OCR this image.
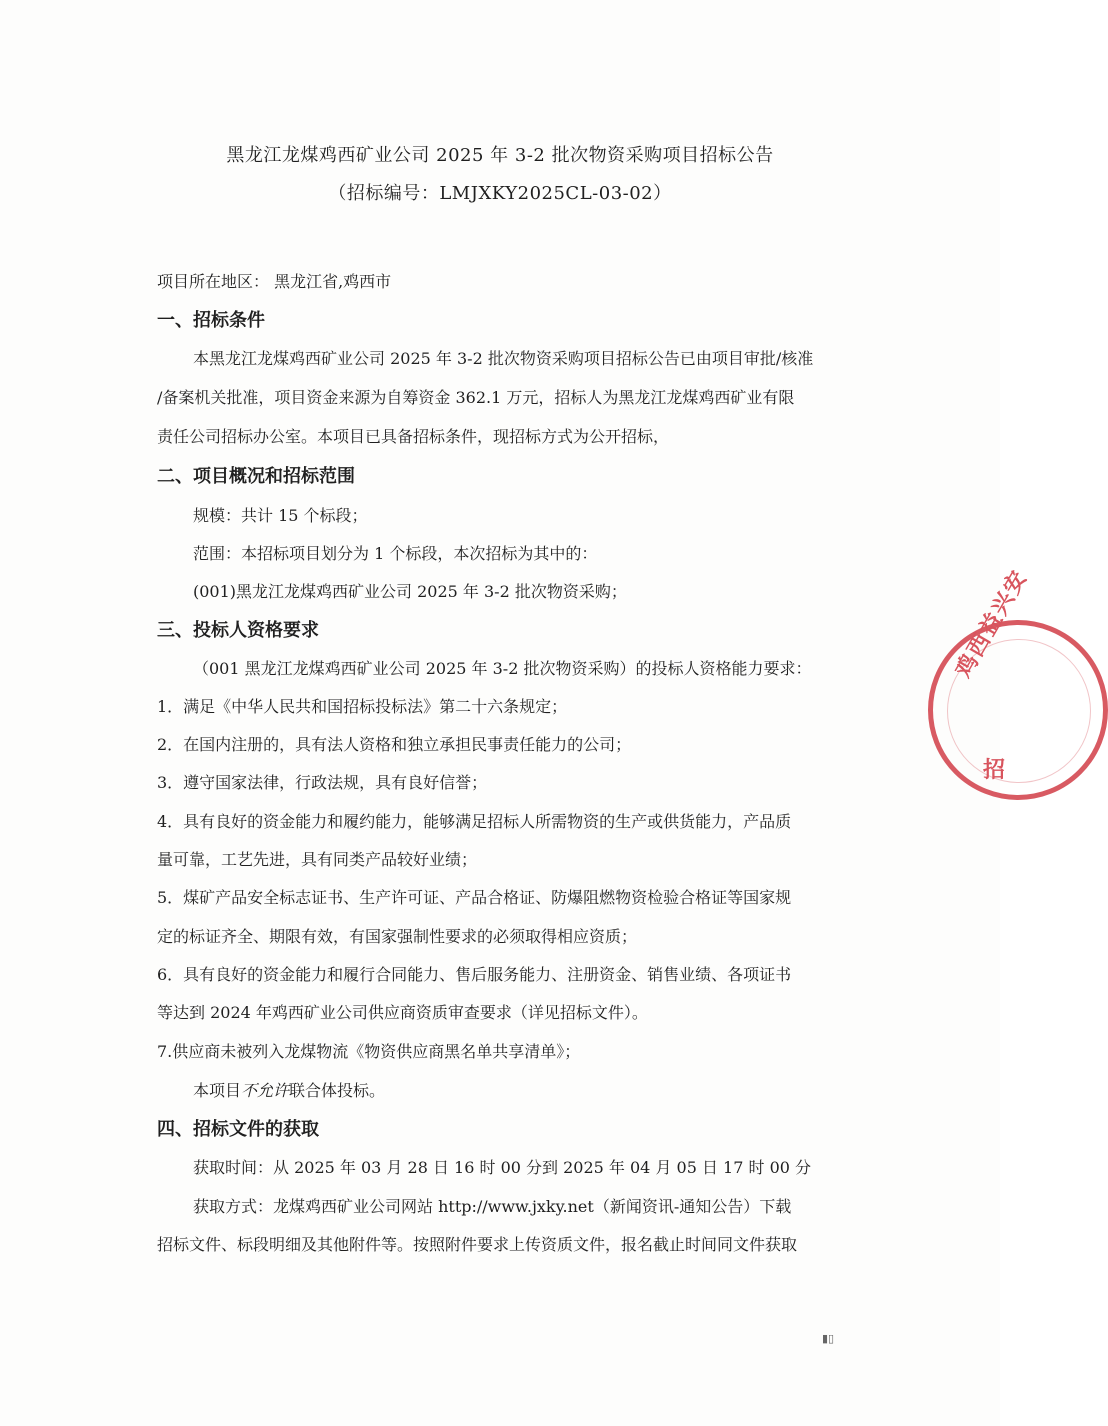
黑龙江龙煤鸡西矿业公司 2025 年 3-2 批次物资采购项目招标公告
（招标编号：LMJXKY2025CL-03-02）
项目所在地区： 黑龙江省,鸡西市
一、招标条件
本黑龙江龙煤鸡西矿业公司 2025 年 3-2 批次物资采购项目招标公告已由项目审批/核准
/备案机关批准，项目资金来源为自筹资金 362.1 万元，招标人为黑龙江龙煤鸡西矿业有限
责任公司招标办公室。本项目已具备招标条件，现招标方式为公开招标，
二、项目概况和招标范围
规模：共计 15 个标段；
范围：本招标项目划分为 1 个标段，本次招标为其中的：
(001)黑龙江龙煤鸡西矿业公司 2025 年 3-2 批次物资采购；
三、投标人资格要求
（001 黑龙江龙煤鸡西矿业公司 2025 年 3-2 批次物资采购）的投标人资格能力要求：
1．满足《中华人民共和国招标投标法》第二十六条规定；
2．在国内注册的，具有法人资格和独立承担民事责任能力的公司；
3．遵守国家法律，行政法规，具有良好信誉；
4．具有良好的资金能力和履约能力，能够满足招标人所需物资的生产或供货能力，产品质
量可靠，工艺先进，具有同类产品较好业绩；
5．煤矿产品安全标志证书、生产许可证、产品合格证、防爆阻燃物资检验合格证等国家规
定的标证齐全、期限有效，有国家强制性要求的必须取得相应资质；
6．具有良好的资金能力和履行合同能力、售后服务能力、注册资金、销售业绩、各项证书
等达到 2024 年鸡西矿业公司供应商资质审查要求（详见招标文件）。
7.供应商未被列入龙煤物流《物资供应商黑名单共享清单》；
本项目不允许联合体投标。
四、招标文件的获取
获取时间：从 2025 年 03 月 28 日 16 时 00 分到 2025 年 04 月 05 日 17 时 00 分
获取方式：龙煤鸡西矿业公司网站 http://www.jxky.net（新闻资讯-通知公告）下载
招标文件、标段明细及其他附件等。按照附件要求上传资质文件，报名截止时间同文件获取
鸡西益兴安
招
▮▯
